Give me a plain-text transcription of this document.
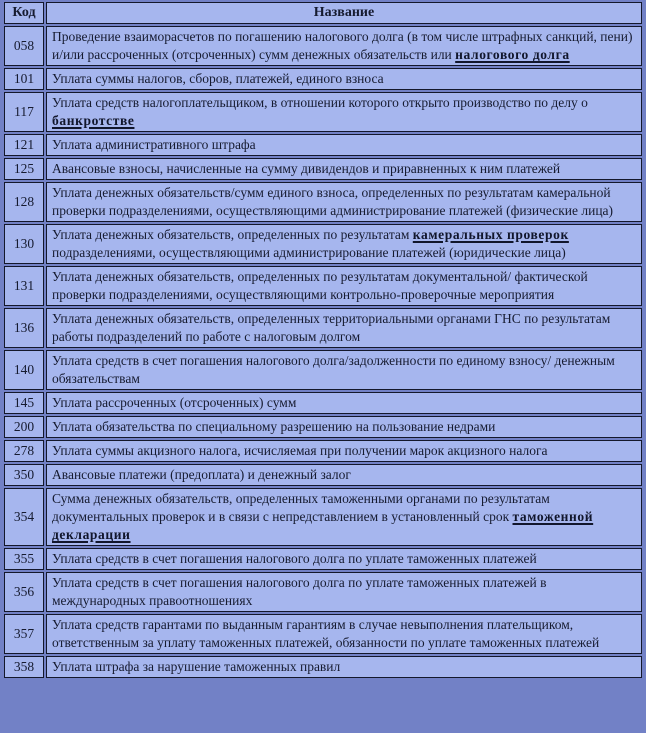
Код	Название
058	Проведение взаиморасчетов по погашению налогового долга (в том числе штрафных санкций, пени) и/или рассроченных (отсроченных) сумм денежных обязательств или налогового долга
101	Уплата суммы налогов, сборов, платежей, единого взноса
117	Уплата средств налогоплательщиком, в отношении которого открыто производство по делу о банкротстве
121	Уплата административного штрафа
125	Авансовые взносы, начисленные на сумму дивидендов и приравненных к ним платежей
128	Уплата денежных обязательств/сумм единого взноса, определенных по результатам камеральной проверки подразделениями, осуществляющими администрирование платежей (физические лица)
130	Уплата денежных обязательств, определенных по результатам камеральных проверок подразделениями, осуществляющими администрирование платежей (юридические лица)
131	Уплата денежных обязательств, определенных по результатам документальной/ фактической проверки подразделениями, осуществляющими контрольно-проверочные мероприятия
136	Уплата денежных обязательств, определенных территориальными органами ГНС по результатам работы подразделений по работе с налоговым долгом
140	Уплата средств в счет погашения налогового долга/задолженности по единому взносу/ денежным обязательствам
145	Уплата рассроченных (отсроченных) сумм
200	Уплата обязательства по специальному разрешению на пользование недрами
278	Уплата суммы акцизного налога, исчисляемая при получении марок акцизного налога
350	Авансовые платежи (предоплата) и денежный залог
354	Сумма денежных обязательств, определенных таможенными органами по результатам документальных проверок и в связи с непредставлением в установленный срок таможенной декларации
355	Уплата средств в счет погашения налогового долга по уплате таможенных платежей
356	Уплата средств в счет погашения налогового долга по уплате таможенных платежей в международных правоотношениях
357	Уплата средств гарантами по выданным гарантиям в случае невыполнения плательщиком, ответственным за уплату таможенных платежей, обязанности по уплате таможенных платежей
358	Уплата штрафа за нарушение таможенных правил
